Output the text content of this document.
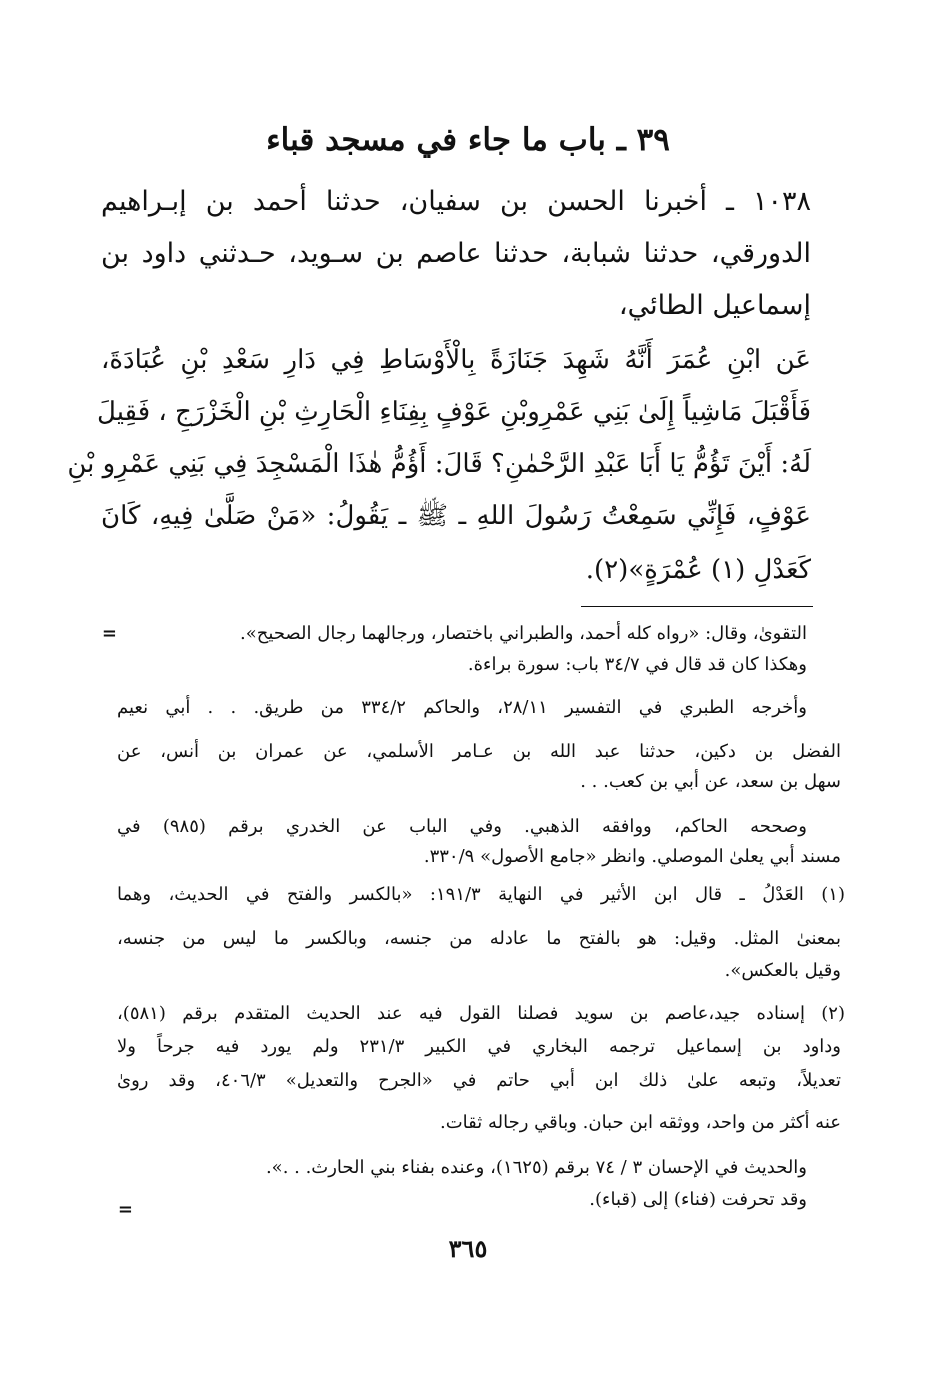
٣٩ ـ باب ما جاء في مسجد قباء
١٠٣٨ ـ أخبرنا الحسن بن سفيان، حدثنا أحمد بن إبـراهيم
الدورقي، حدثنا شبابة، حدثنا عاصم بن سـويد، حـدثني داود بن
إسماعيل الطائي،
عَن ابْنِ عُمَرَ أَنَّهُ شَهِدَ جَنَازَةً بِالْأَوْسَاطِ فِي دَارِ سَعْدِ بْنِ عُبَادَةَ،
فَأَقْبَلَ مَاشِياً إِلَىٰ بَنِي عَمْرِوبْنِ عَوْفٍ بِفِنَاءِ الْحَارِثِ بْنِ الْخَزْرَجِ ، فَقِيلَ
لَهُ: أَيْنَ تَؤُمُّ يَا أَبَا عَبْدِ الرَّحْمٰنِ؟ قَالَ: أَؤُمُّ هٰذَا الْمَسْجِدَ فِي بَنِي عَمْرِو بْنِ
عَوْفٍ، فَإِنِّي سَمِعْتُ رَسُولَ اللهِ ـ ﷺ ـ يَقُولُ: «مَنْ صَلَّىٰ فِيهِ، كَانَ
كَعَدْلِ (١) عُمْرَةٍ»(٢).
=	التقوىٰ، وقال: «رواه كله أحمد، والطبراني باختصار، ورجالهما رجال الصحيح».
وهكذا كان قد قال في ٣٤/٧ باب: سورة براءة.
وأخرجه الطبري في التفسير ٢٨/١١، والحاكم ٣٣٤/٢ من طريق. . . أبي نعيم
الفضل بن دكين، حدثنا عبد الله بن عـامر الأسلمي، عن عمران بن أنس، عن
سهل بن سعد، عن أبي بن كعب. . .
وصححه الحاكم، ووافقه الذهبي. وفي الباب عن الخدري برقم (٩٨٥) في
مسند أبي يعلىٰ الموصلي. وانظر «جامع الأصول» ٣٣٠/٩.
(١) العَدْلُ ـ قال ابن الأثير في النهاية ١٩١/٣: «بالكسر والفتح في الحديث، وهما
بمعنىٰ المثل. وقيل: هو بالفتح ما عادله من جنسه، وبالكسر ما ليس من جنسه،
وقيل بالعكس».
(٢) إسناده جيد،عاصم بن سويد فصلنا القول فيه عند الحديث المتقدم برقم (٥٨١)،
وداود بن إسماعيل ترجمه البخاري في الكبير ٢٣١/٣ ولم يورد فيه جرحاً ولا
تعديلاً، وتبعه علىٰ ذلك ابن أبي حاتم في «الجرح والتعديل» ٤٠٦/٣، وقد روىٰ
عنه أكثر من واحد، ووثقه ابن حبان. وباقي رجاله ثقات.
والحديث في الإحسان ٣ / ٧٤ برقم (١٦٢٥)، وعنده بفناء بني الحارث. . .».
وقد تحرفت (فناء) إلى (قباء).
=
٣٦٥
